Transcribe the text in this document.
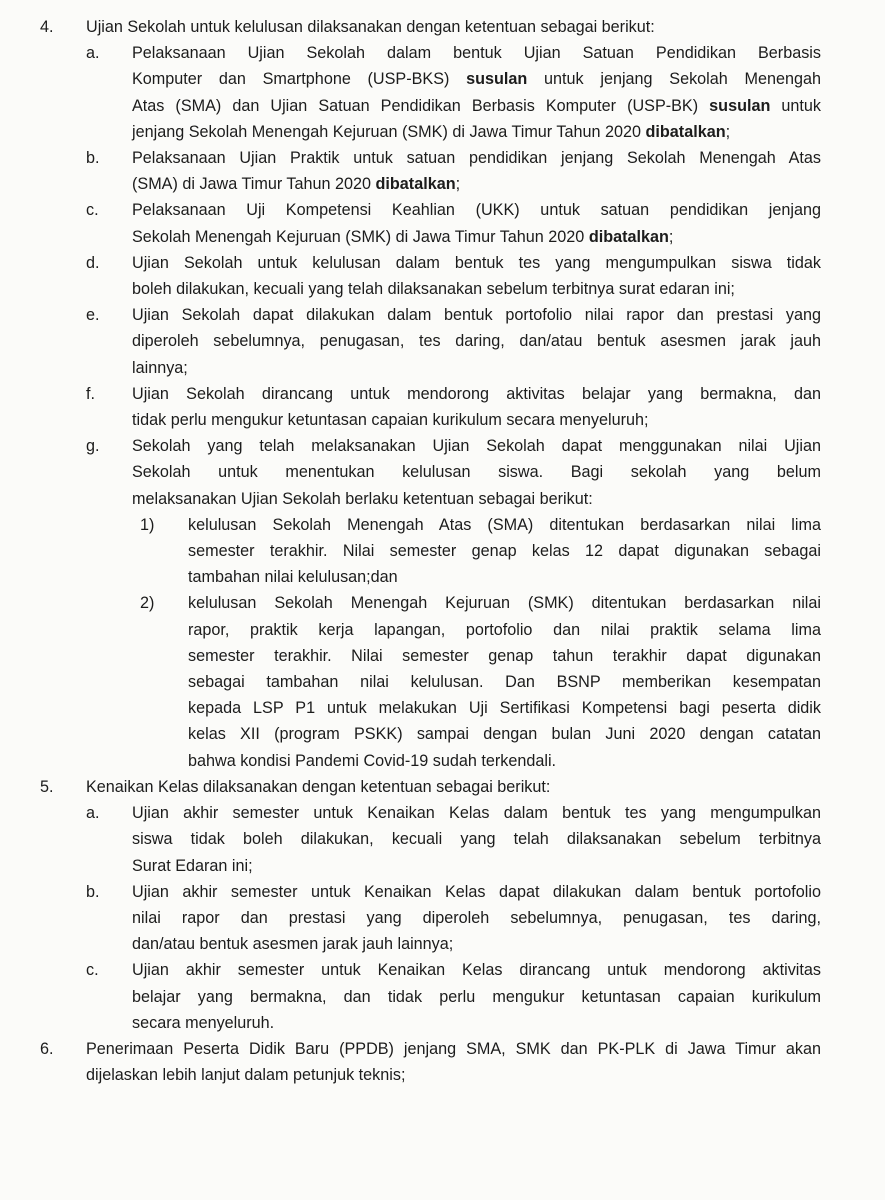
4.	Ujian Sekolah untuk kelulusan dilaksanakan dengan ketentuan sebagai berikut:
a.	Pelaksanaan Ujian Sekolah dalam bentuk Ujian Satuan Pendidikan Berbasis
Komputer dan Smartphone (USP-BKS) susulan untuk jenjang Sekolah Menengah
Atas (SMA) dan Ujian Satuan Pendidikan Berbasis Komputer (USP-BK) susulan untuk
jenjang Sekolah Menengah Kejuruan (SMK) di Jawa Timur Tahun 2020 dibatalkan;
b.	Pelaksanaan Ujian Praktik untuk satuan pendidikan jenjang Sekolah Menengah Atas
(SMA) di Jawa Timur Tahun 2020 dibatalkan;
c.	Pelaksanaan Uji Kompetensi Keahlian (UKK) untuk satuan pendidikan jenjang
Sekolah Menengah Kejuruan (SMK) di Jawa Timur Tahun 2020 dibatalkan;
d.	Ujian Sekolah untuk kelulusan dalam bentuk tes yang mengumpulkan siswa tidak
boleh dilakukan, kecuali yang telah dilaksanakan sebelum terbitnya surat edaran ini;
e.	Ujian Sekolah dapat dilakukan dalam bentuk portofolio nilai rapor dan prestasi yang
diperoleh sebelumnya, penugasan, tes daring, dan/atau bentuk asesmen jarak jauh
lainnya;
f.	Ujian Sekolah dirancang untuk mendorong aktivitas belajar yang bermakna, dan
tidak perlu mengukur ketuntasan capaian kurikulum secara menyeluruh;
g.	Sekolah yang telah melaksanakan Ujian Sekolah dapat menggunakan nilai Ujian
Sekolah untuk menentukan kelulusan siswa. Bagi sekolah yang belum
melaksanakan Ujian Sekolah berlaku ketentuan sebagai berikut:
1)	kelulusan Sekolah Menengah Atas (SMA) ditentukan berdasarkan nilai lima
semester terakhir. Nilai semester genap kelas 12 dapat digunakan sebagai
tambahan nilai kelulusan;dan
2)	kelulusan Sekolah Menengah Kejuruan (SMK) ditentukan berdasarkan nilai
rapor, praktik kerja lapangan, portofolio dan nilai praktik selama lima
semester terakhir. Nilai semester genap tahun terakhir dapat digunakan
sebagai tambahan nilai kelulusan. Dan BSNP memberikan kesempatan
kepada LSP P1 untuk melakukan Uji Sertifikasi Kompetensi bagi peserta didik
kelas XII (program PSKK) sampai dengan bulan Juni 2020 dengan catatan
bahwa kondisi Pandemi Covid-19 sudah terkendali.
5.	Kenaikan Kelas dilaksanakan dengan ketentuan sebagai berikut:
a.	Ujian akhir semester untuk Kenaikan Kelas dalam bentuk tes yang mengumpulkan
siswa tidak boleh dilakukan, kecuali yang telah dilaksanakan sebelum terbitnya
Surat Edaran ini;
b.	Ujian akhir semester untuk Kenaikan Kelas dapat dilakukan dalam bentuk portofolio
nilai rapor dan prestasi yang diperoleh sebelumnya, penugasan, tes daring,
dan/atau bentuk asesmen jarak jauh lainnya;
c.	Ujian akhir semester untuk Kenaikan Kelas dirancang untuk mendorong aktivitas
belajar yang bermakna, dan tidak perlu mengukur ketuntasan capaian kurikulum
secara menyeluruh.
6.	Penerimaan Peserta Didik Baru (PPDB) jenjang SMA, SMK dan PK-PLK di Jawa Timur akan
dijelaskan lebih lanjut dalam petunjuk teknis;
